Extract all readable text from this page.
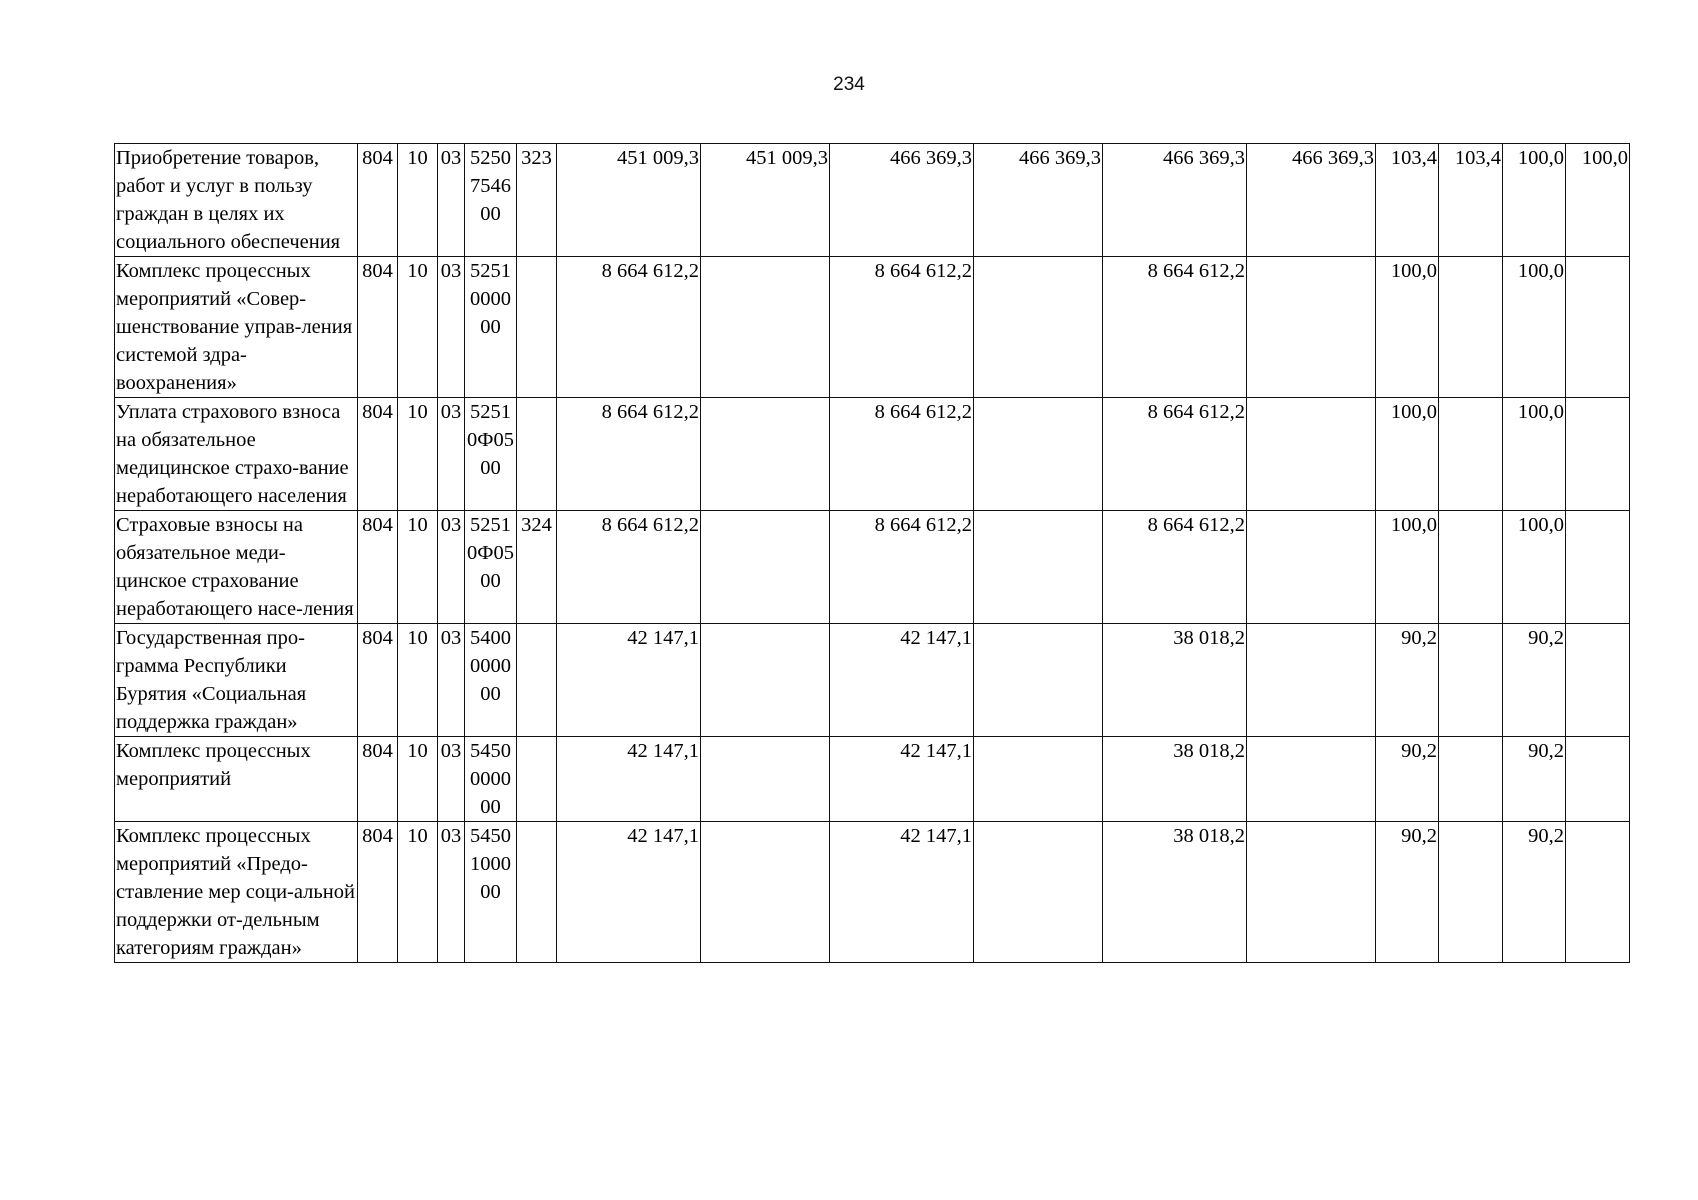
234
Приобретение товаров, работ и услуг в пользу граждан в целях их социального обеспечения	804	10	03	5250754600	323	451 009,3	451 009,3	466 369,3	466 369,3	466 369,3	466 369,3	103,4	103,4	100,0	100,0
Комплекс процессных мероприятий «Совер-шенствование управ-ления системой здра-воохранения»	804	10	03	5251000000		8 664 612,2		8 664 612,2		8 664 612,2		100,0		100,0	
Уплата страхового взноса на обязательное медицинское страхо-вание неработающего населения	804	10	03	52510Ф0500		8 664 612,2		8 664 612,2		8 664 612,2		100,0		100,0	
Страховые взносы на обязательное меди-цинское страхование неработающего насе-ления	804	10	03	52510Ф0500	324	8 664 612,2		8 664 612,2		8 664 612,2		100,0		100,0	
Государственная про-грамма Республики Бурятия «Социальная поддержка граждан»	804	10	03	5400000000		42 147,1		42 147,1		38 018,2		90,2		90,2	
Комплекс процессных мероприятий	804	10	03	5450000000		42 147,1		42 147,1		38 018,2		90,2		90,2	
Комплекс процессных мероприятий «Предо-ставление мер соци-альной поддержки от-дельным категориям граждан»	804	10	03	5450100000		42 147,1		42 147,1		38 018,2		90,2		90,2	
